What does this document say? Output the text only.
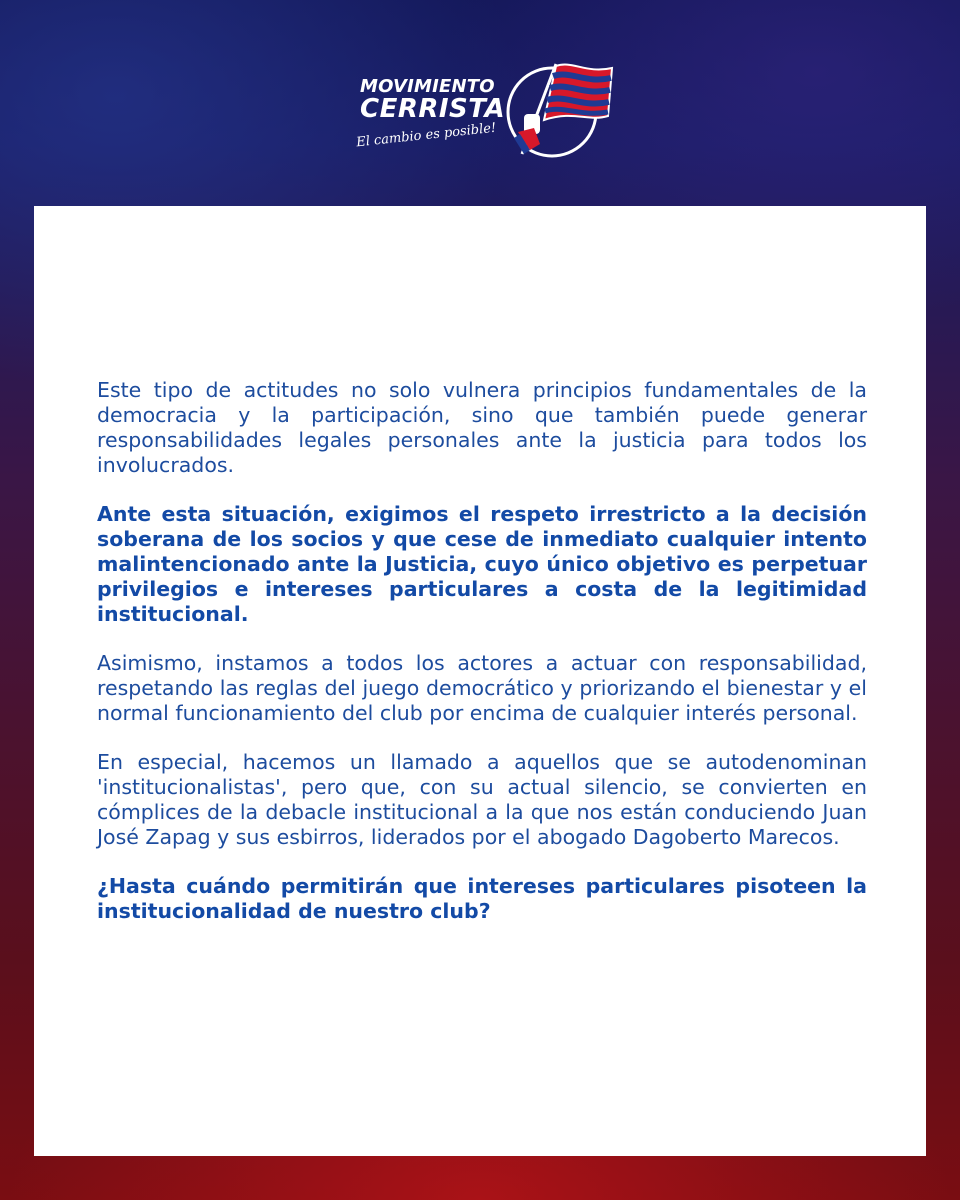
MOVIMIENTO
CERRISTA
El cambio es posible!

Este tipo de actitudes no solo vulnera principios fundamentales de la democracia y la participación, sino que también puede generar responsabilidades legales personales ante la justicia para todos los involucrados.

Ante esta situación, exigimos el respeto irrestricto a la decisión soberana de los socios y que cese de inmediato cualquier intento malintencionado ante la Justicia, cuyo único objetivo es perpetuar privilegios e intereses particulares a costa de la legitimidad institucional.

Asimismo, instamos a todos los actores a actuar con responsabilidad, respetando las reglas del juego democrático y priorizando el bienestar y el normal funcionamiento del club por encima de cualquier interés personal.

En especial, hacemos un llamado a aquellos que se autodenominan 'institucionalistas', pero que, con su actual silencio, se convierten en cómplices de la debacle institucional a la que nos están conduciendo Juan José Zapag y sus esbirros, liderados por el abogado Dagoberto Marecos.

¿Hasta cuándo permitirán que intereses particulares pisoteen la institucionalidad de nuestro club?
